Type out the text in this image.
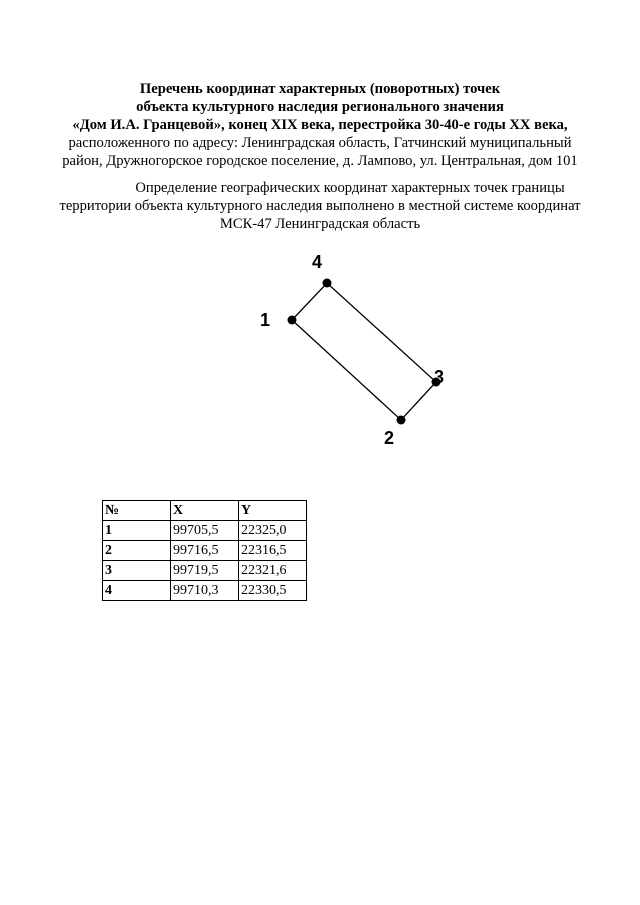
Перечень координат характерных (поворотных) точек
объекта культурного наследия регионального значения
«Дом И.А. Гранцевой», конец XIX века, перестройка 30-40-е годы XX века,
расположенного по адресу: Ленинградская область, Гатчинский муниципальный
район, Дружногорское городское поселение, д. Лампово, ул. Центральная, дом 101
Определение географических координат характерных точек границы
территории объекта культурного наследия выполнено в местной системе координат
МСК-47 Ленинградская область
1
2
3
4
№	X	Y
1	99705,5	22325,0
2	99716,5	22316,5
3	99719,5	22321,6
4	99710,3	22330,5
